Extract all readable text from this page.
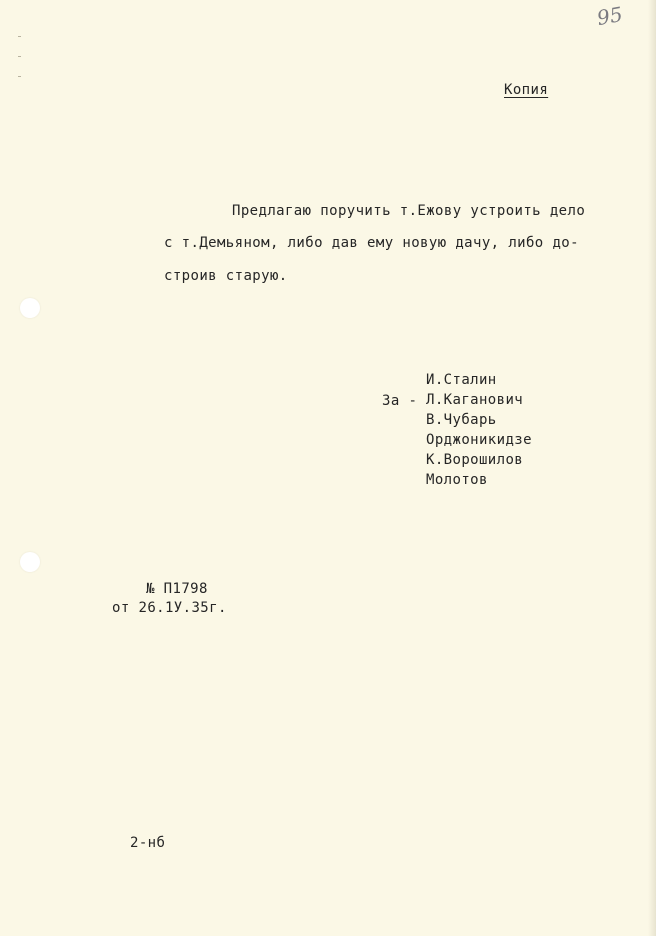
95
Копия
Предлагаю поручить т.Ежову устроить дело
с т.Демьяном, либо дав ему новую дачу, либо до-
строив старую.
За -
И.Сталин
Л.Каганович
В.Чубарь
Орджоникидзе
К.Ворошилов
Молотов
№ П1798
от 26.1У.35г.
2-нб
